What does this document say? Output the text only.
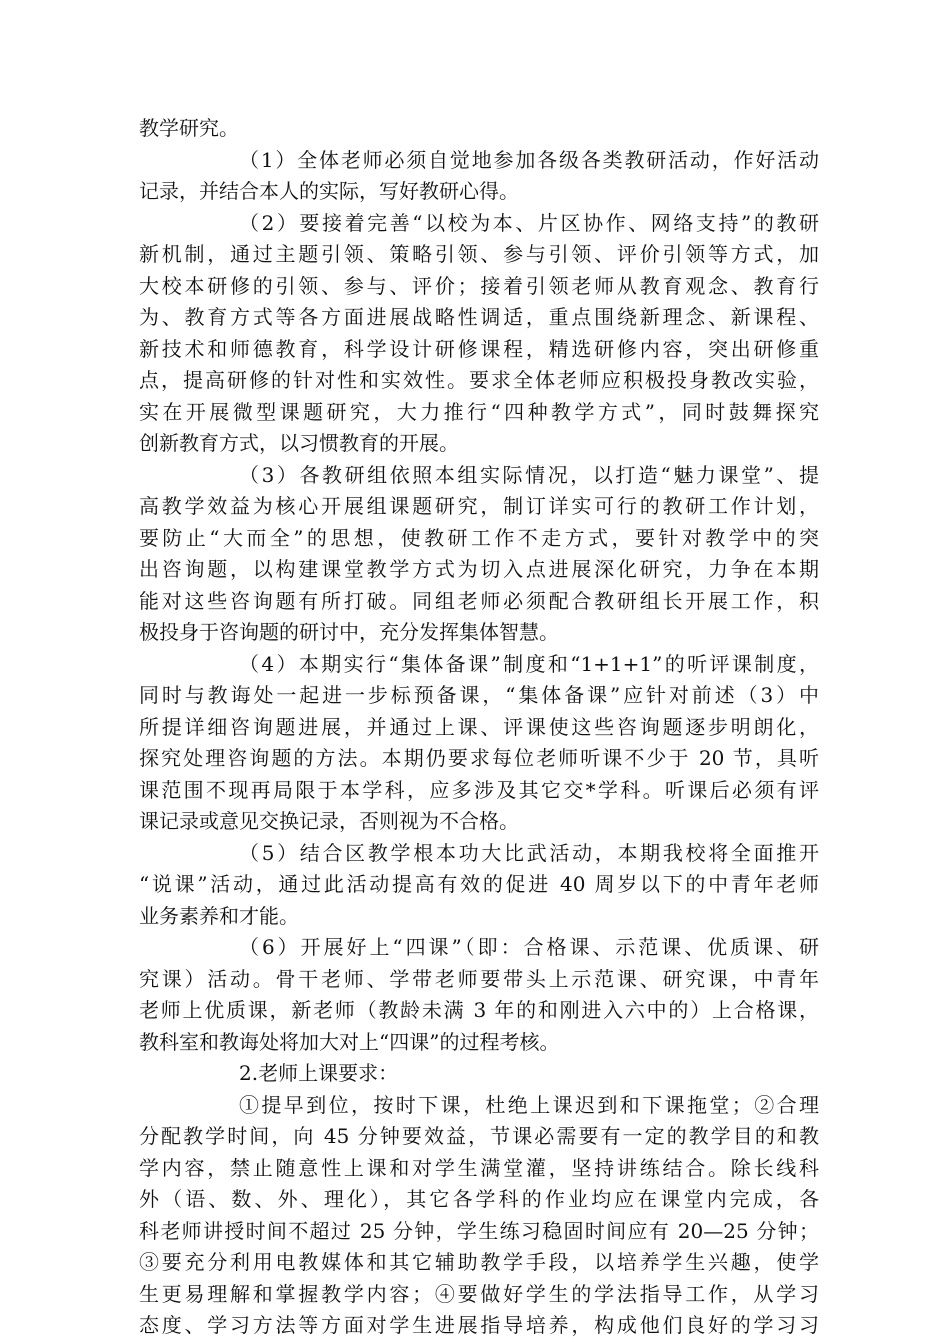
教学研究。
（1）全体老师必须自觉地参加各级各类教研活动，作好活动
记录，并结合本人的实际，写好教研心得。
（2）要接着完善“以校为本、片区协作、网络支持”的教研
新机制，通过主题引领、策略引领、参与引领、评价引领等方式，加
大校本研修的引领、参与、评价；接着引领老师从教育观念、教育行
为、教育方式等各方面进展战略性调适，重点围绕新理念、新课程、
新技术和师德教育，科学设计研修课程，精选研修内容，突出研修重
点，提高研修的针对性和实效性。要求全体老师应积极投身教改实验，
实在开展微型课题研究，大力推行“四种教学方式”，同时鼓舞探究
创新教育方式，以习惯教育的开展。
（3）各教研组依照本组实际情况，以打造“魅力课堂”、提
高教学效益为核心开展组课题研究，制订详实可行的教研工作计划，
要防止“大而全”的思想，使教研工作不走方式，要针对教学中的突
出咨询题，以构建课堂教学方式为切入点进展深化研究，力争在本期
能对这些咨询题有所打破。同组老师必须配合教研组长开展工作，积
极投身于咨询题的研讨中，充分发挥集体智慧。
（4）本期实行“集体备课”制度和“1+1+1”的听评课制度，
同时与教诲处一起进一步标预备课，“集体备课”应针对前述（3）中
所提详细咨询题进展，并通过上课、评课使这些咨询题逐步明朗化，
探究处理咨询题的方法。本期仍要求每位老师听课不少于 20 节，具听
课范围不现再局限于本学科，应多涉及其它交*学科。听课后必须有评
课记录或意见交换记录，否则视为不合格。
（5）结合区教学根本功大比武活动，本期我校将全面推开
“说课”活动，通过此活动提高有效的促进 40 周岁以下的中青年老师
业务素养和才能。
（6）开展好上“四课”（即：合格课、示范课、优质课、研
究课）活动。骨干老师、学带老师要带头上示范课、研究课，中青年
老师上优质课，新老师（教龄未满 3 年的和刚进入六中的）上合格课，
教科室和教诲处将加大对上“四课”的过程考核。
2.老师上课要求：
①提早到位，按时下课，杜绝上课迟到和下课拖堂；②合理
分配教学时间，向 45 分钟要效益，节课必需要有一定的教学目的和教
学内容，禁止随意性上课和对学生满堂灌，坚持讲练结合。除长线科
外（语、数、外、理化），其它各学科的作业均应在课堂内完成，各
科老师讲授时间不超过 25 分钟，学生练习稳固时间应有 20—25 分钟；
③要充分利用电教媒体和其它辅助教学手段，以培养学生兴趣，使学
生更易理解和掌握教学内容；④要做好学生的学法指导工作，从学习
态度、学习方法等方面对学生进展指导培养，构成他们良好的学习习
